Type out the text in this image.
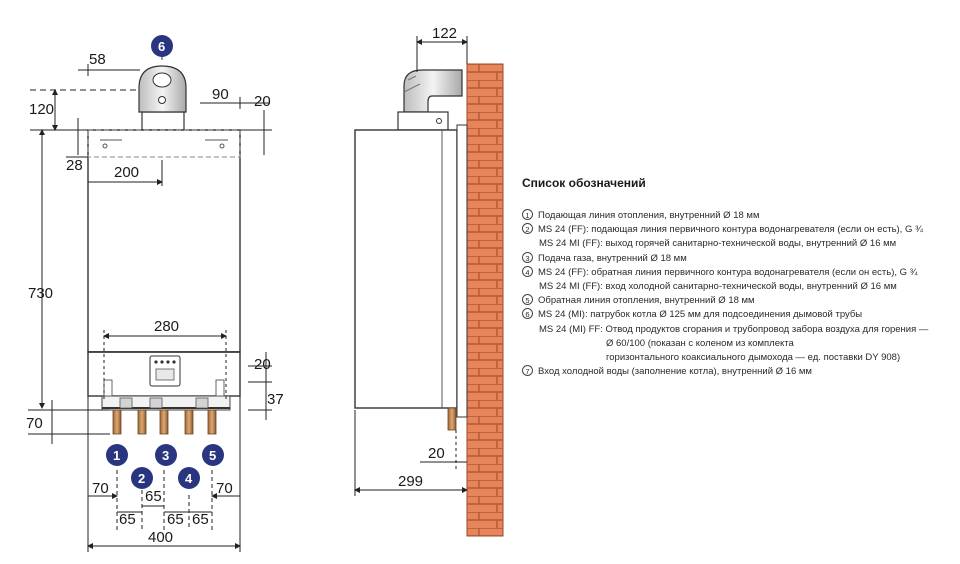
58
120
28
90 20
200
730
280
20
37
70
70	70
65
65
65 65
400
6
1
2
3
4
5
122
299
20
Список обозначений
1 Подающая линия отопления, внутренний Ø 18 мм
2 MS 24 (FF): подающая линия первичного контура водонагревателя (если он есть), G ¾
MS 24 MI (FF): выход горячей санитарно-технической воды, внутренний Ø 16 мм
3 Подача газа, внутренний Ø 18 мм
4 MS 24 (FF): обратная линия первичного контура водонагревателя (если он есть), G ¾
MS 24 MI (FF): вход холодной санитарно-технической воды, внутренний Ø 16 мм
5 Обратная линия отопления, внутренний Ø 18 мм
6 MS 24 (MI): патрубок котла Ø 125 мм для подсоединения дымовой трубы
MS 24 (MI) FF: Отвод продуктов сгорания и трубопровод забора воздуха для горения —
Ø 60/100 (показан с коленом из комплекта
горизонтального коаксиального дымохода — ед. поставки DY 908)
7 Вход холодной воды (заполнение котла), внутренний Ø 16 мм
